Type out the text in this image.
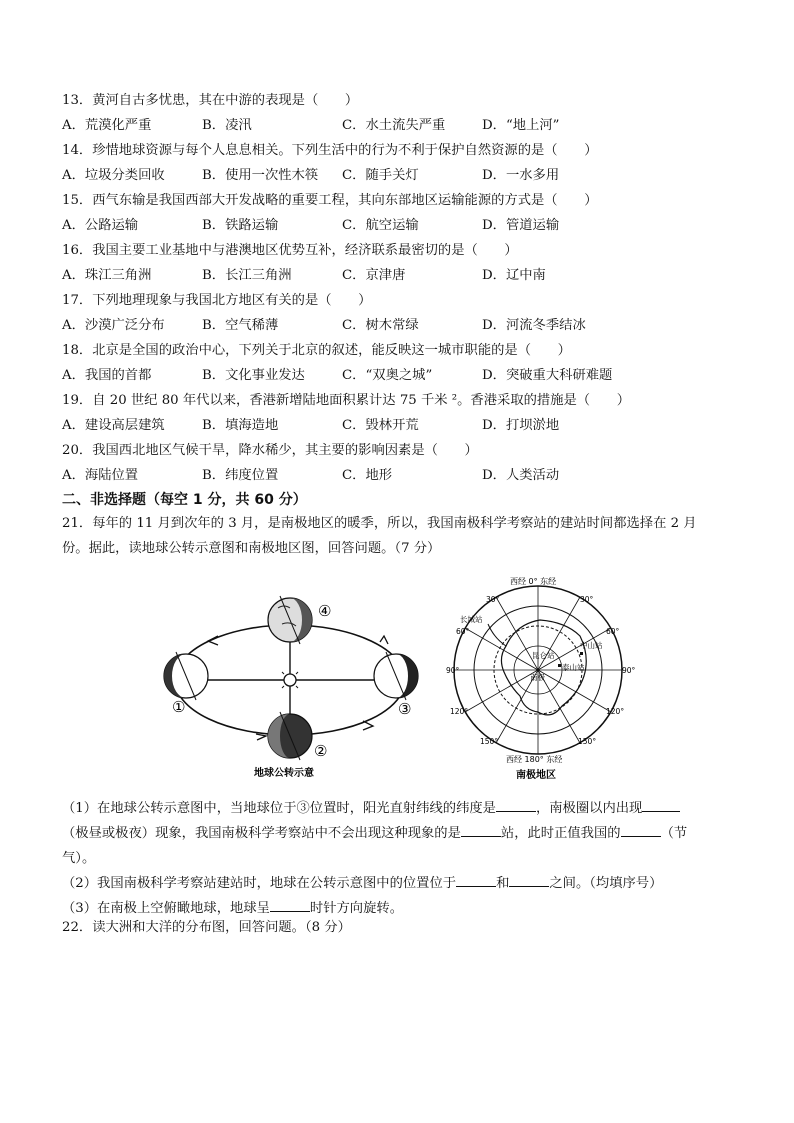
13．黄河自古多忧患，其在中游的表现是（　　）
A．荒漠化严重	B．凌汛	C．水土流失严重	D．“地上河”
14．珍惜地球资源与每个人息息相关。下列生活中的行为不利于保护自然资源的是（　　）
A．垃圾分类回收	B．使用一次性木筷 C．随手关灯	D．一水多用
15．西气东输是我国西部大开发战略的重要工程，其向东部地区运输能源的方式是（　　）
A．公路运输	B．铁路运输	C．航空运输	D．管道运输
16．我国主要工业基地中与港澳地区优势互补，经济联系最密切的是（　　）
A．珠江三角洲	B．长江三角洲	C．京津唐	D．辽中南
17．下列地理现象与我国北方地区有关的是（　　）
A．沙漠广泛分布	B．空气稀薄	C．树木常绿	D．河流冬季结冰
18．北京是全国的政治中心，下列关于北京的叙述，能反映这一城市职能的是（　　）
A．我国的首都	B．文化事业发达	C．“双奥之城”	D．突破重大科研难题
19．自 20 世纪 80 年代以来，香港新增陆地面积累计达 75 千米 ²。香港采取的措施是（　　）
A．建设高层建筑	B．填海造地	C．毁林开荒	D．打坝淤地
20．我国西北地区气候干旱，降水稀少，其主要的影响因素是（　　）
A．海陆位置	B．纬度位置	C．地形	D．人类活动
二、非选择题（每空 1 分，共 60 分）
21．每年的 11 月到次年的 3 月，是南极地区的暖季，所以，我国南极科学考察站的建站时间都选择在 2 月
份。据此，读地球公转示意图和南极地区图，回答问题。（7 分）
①
②
③
④
地球公转示意
西经 0° 东经
西经 180° 东经
30°	30°
60°	60°
90°	90°
120°	120°
150°	150°
长城站
中山站
昆仑站
泰山站
南极
南极地区
（1）在地球公转示意图中，当地球位于③位置时，阳光直射纬线的纬度是	，南极圈以内出现
（极昼或极夜）现象，我国南极科学考察站中不会出现这种现象的是	站，此时正值我国的	（节
气）。
（2）我国南极科学考察站建站时，地球在公转示意图中的位置位于	和	之间。（均填序号）
（3）在南极上空俯瞰地球，地球呈	时针方向旋转。
22．读大洲和大洋的分布图，回答问题。（8 分）
